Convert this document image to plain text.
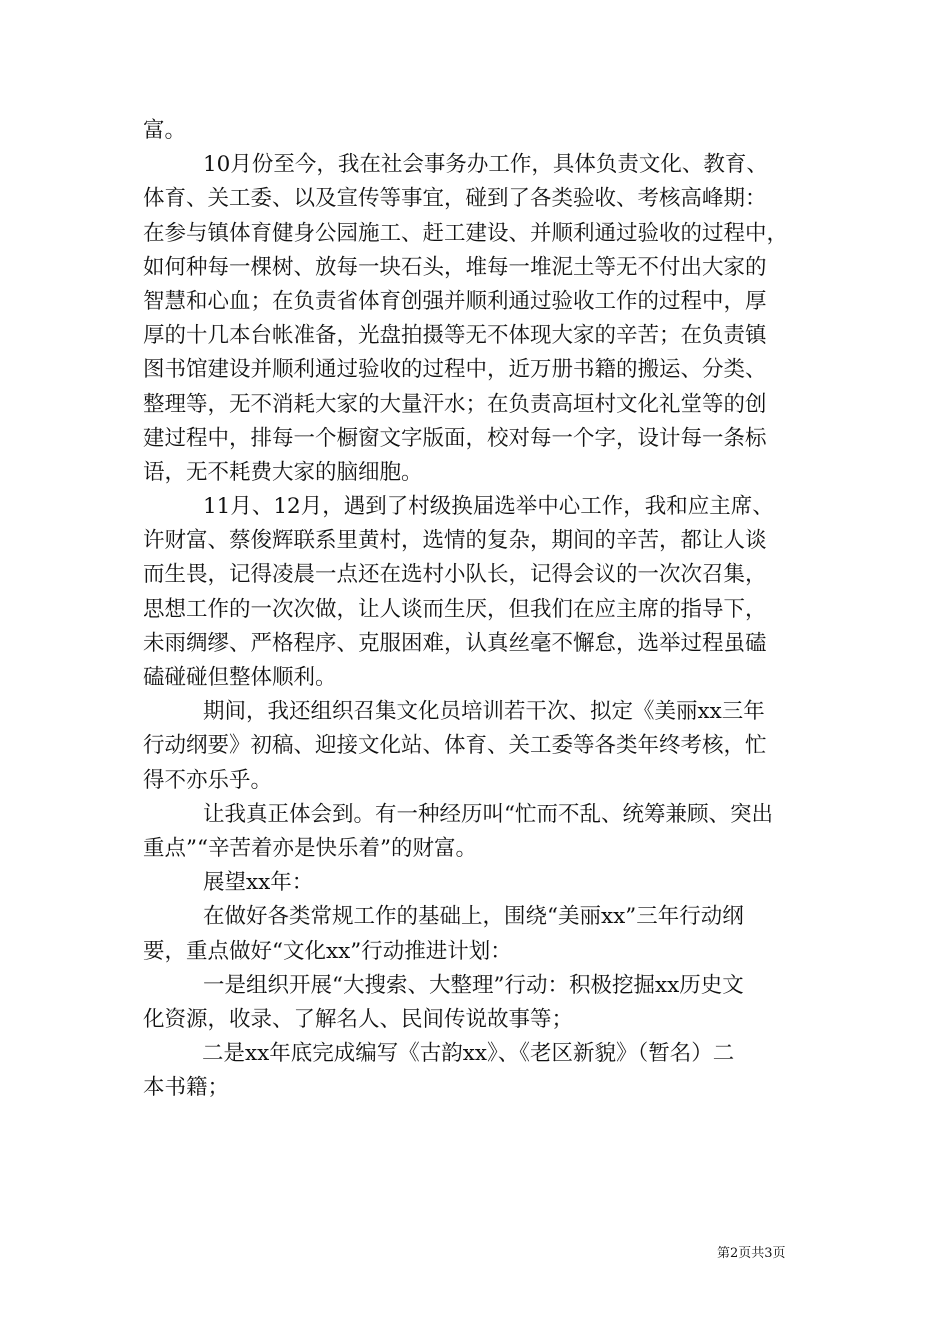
富。
10月份至今，我在社会事务办工作，具体负责文化、教育、
体育、关工委、以及宣传等事宜，碰到了各类验收、考核高峰期：
在参与镇体育健身公园施工、赶工建设、并顺利通过验收的过程中，
如何种每一棵树、放每一块石头，堆每一堆泥土等无不付出大家的
智慧和心血；在负责省体育创强并顺利通过验收工作的过程中，厚
厚的十几本台帐准备，光盘拍摄等无不体现大家的辛苦；在负责镇
图书馆建设并顺利通过验收的过程中，近万册书籍的搬运、分类、
整理等，无不消耗大家的大量汗水；在负责高垣村文化礼堂等的创
建过程中，排每一个橱窗文字版面，校对每一个字，设计每一条标
语，无不耗费大家的脑细胞。
11月、12月，遇到了村级换届选举中心工作，我和应主席、
许财富、蔡俊辉联系里黄村，选情的复杂，期间的辛苦，都让人谈
而生畏，记得凌晨一点还在选村小队长，记得会议的一次次召集，
思想工作的一次次做，让人谈而生厌，但我们在应主席的指导下，
未雨绸缪、严格程序、克服困难，认真丝毫不懈怠，选举过程虽磕
磕碰碰但整体顺利。
期间，我还组织召集文化员培训若干次、拟定《美丽xx三年
行动纲要》初稿、迎接文化站、体育、关工委等各类年终考核，忙
得不亦乐乎。
让我真正体会到。有一种经历叫“忙而不乱、统筹兼顾、突出
重点”“辛苦着亦是快乐着”的财富。
展望xx年：
在做好各类常规工作的基础上，围绕“美丽xx”三年行动纲
要，重点做好“文化xx”行动推进计划：
一是组织开展“大搜索、大整理”行动：积极挖掘xx历史文
化资源，收录、了解名人、民间传说故事等；
二是xx年底完成编写《古韵xx》、《老区新貌》（暂名）二
本书籍；
第2页共3页
